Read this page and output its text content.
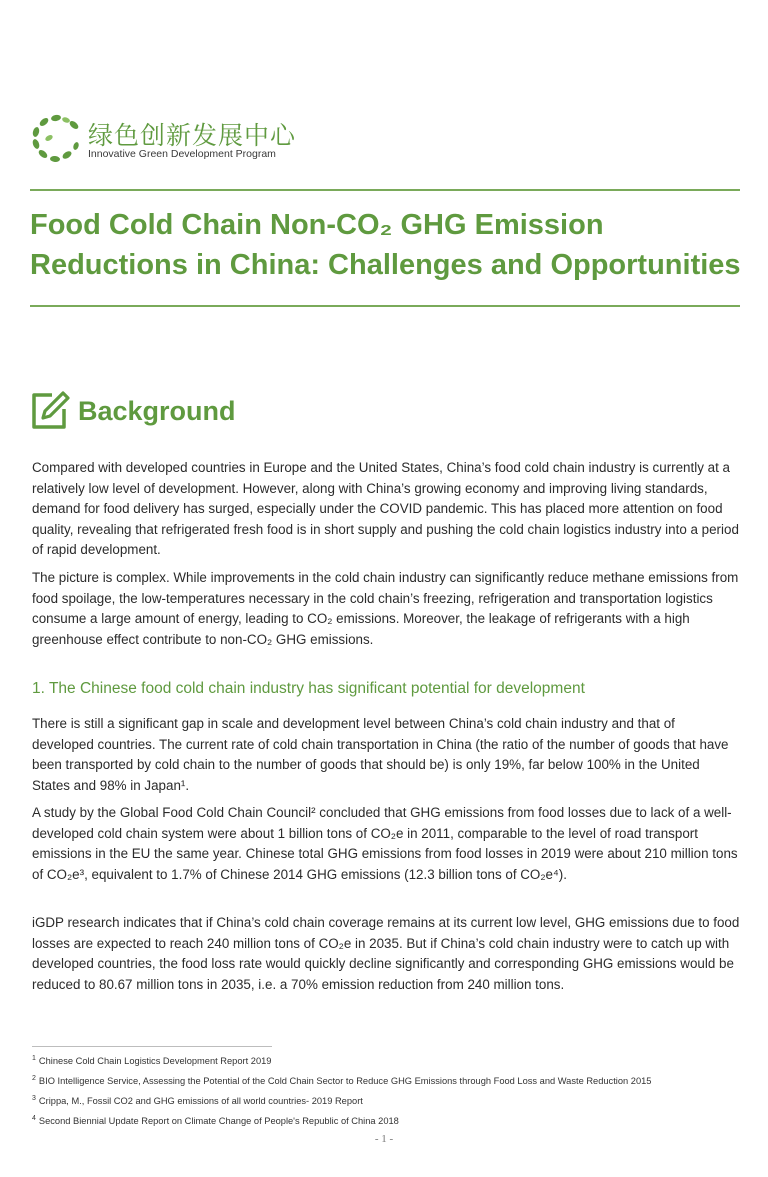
绿色创新发展中心
Innovative Green Development Program
Food Cold Chain Non-CO₂ GHG Emission
Reductions in China: Challenges and Opportunities
Background

Compared with developed countries in Europe and the United States, China’s food cold chain industry is currently at a relatively low level of development. However, along with China’s growing economy and improving living standards, demand for food delivery has surged, especially under the COVID pandemic. This has placed more attention on food quality, revealing that refrigerated fresh food is in short supply and pushing the cold chain logistics industry into a period of rapid development.

The picture is complex. While improvements in the cold chain industry can significantly reduce methane emissions from food spoilage, the low-temperatures necessary in the cold chain’s freezing, refrigeration and transportation logistics consume a large amount of energy, leading to CO₂ emissions. Moreover, the leakage of refrigerants with a high greenhouse effect contribute to non-CO₂ GHG emissions.

1. The Chinese food cold chain industry has significant potential for development

There is still a significant gap in scale and development level between China’s cold chain industry and that of developed countries. The current rate of cold chain transportation in China (the ratio of the number of goods that have been transported by cold chain to the number of goods that should be) is only 19%, far below 100% in the United States and 98% in Japan¹.

A study by the Global Food Cold Chain Council² concluded that GHG emissions from food losses due to lack of a well-developed cold chain system were about 1 billion tons of CO₂e in 2011, comparable to the level of road transport emissions in the EU the same year. Chinese total GHG emissions from food losses in 2019 were about 210 million tons of CO₂e³, equivalent to 1.7% of Chinese 2014 GHG emissions (12.3 billion tons of CO₂e⁴).

iGDP research indicates that if China’s cold chain coverage remains at its current low level, GHG emissions due to food losses are expected to reach 240 million tons of CO₂e in 2035. But if China’s cold chain industry were to catch up with developed countries, the food loss rate would quickly decline significantly and corresponding GHG emissions would be reduced to 80.67 million tons in 2035, i.e. a 70% emission reduction from 240 million tons.

$^1$ Chinese Cold Chain Logistics Development Report 2019
$^2$ BIO Intelligence Service, Assessing the Potential of the Cold Chain Sector to Reduce GHG Emissions through Food Loss and Waste Reduction 2015
$^3$ Crippa, M., Fossil CO2 and GHG emissions of all world countries- 2019 Report
$^4$ Second Biennial Update Report on Climate Change of People's Republic of China 2018
- 1 -
